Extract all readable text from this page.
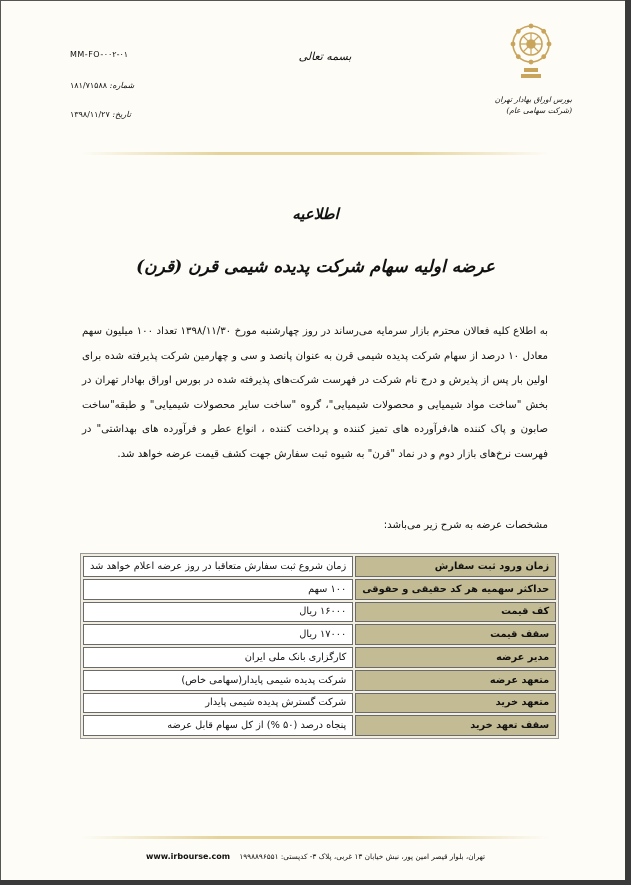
MM-FO-۰۰۲-۰۱
شماره: ۱۸۱/۷۱۵۸۸
تاریخ: ۱۳۹۸/۱۱/۲۷
بسمه تعالی
بورس اوراق بهادار تهران
(شرکت سهامی عام)
اطلاعیه
عرضه اولیه سهام شرکت پدیده شیمی قرن (قرن)
به اطلاع کلیه فعالان محترم بازار سرمایه می‌رساند در روز چهارشنبه مورخ ۱۳۹۸/۱۱/۳۰ تعداد ۱۰۰ میلیون سهم معادل ۱۰ درصد از سهام شرکت پدیده شیمی قرن به عنوان پانصد و سی و چهارمین شرکت پذیرفته شده برای اولین بار پس از پذیرش و درج نام شرکت در فهرست شرکت‌های پذیرفته شده در بورس اوراق بهادار تهران در بخش "ساخت مواد شیمیایی و محصولات شیمیایی"، گروه "ساخت سایر محصولات شیمیایی" و طبقه"ساخت صابون و پاک کننده ها،فرآورده های تمیز کننده و پرداخت کننده ، انواع عطر و فرآورده های بهداشتی" در فهرست نرخ‌های بازار دوم و در نماد "قرن" به شیوه ثبت سفارش جهت کشف قیمت عرضه خواهد شد.
مشخصات عرضه به شرح زیر می‌باشد:
زمان ورود ثبت سفارش	زمان شروع ثبت سفارش متعاقبا در روز عرضه اعلام خواهد شد
حداکثر سهمیه هر کد حقیقی و حقوقی	۱۰۰ سهم
کف قیمت	۱۶۰۰۰ ریال
سقف قیمت	۱۷۰۰۰ ریال
مدیر عرضه	کارگزاری بانک ملی ایران
متعهد عرضه	شرکت پدیده شیمی پایدار(سهامی خاص)
متعهد خرید	شرکت گسترش پدیده شیمی پایدار
سقف تعهد خرید	پنجاه درصد (۵۰ %) از کل سهام قابل عرضه
تهران، بلوار قیصر امین پور، نبش خیابان ۱۳ غربی، پلاک ۳- کدپستی: ۱۹۹۸۸۹۶۵۵۱    www.irbourse.com
